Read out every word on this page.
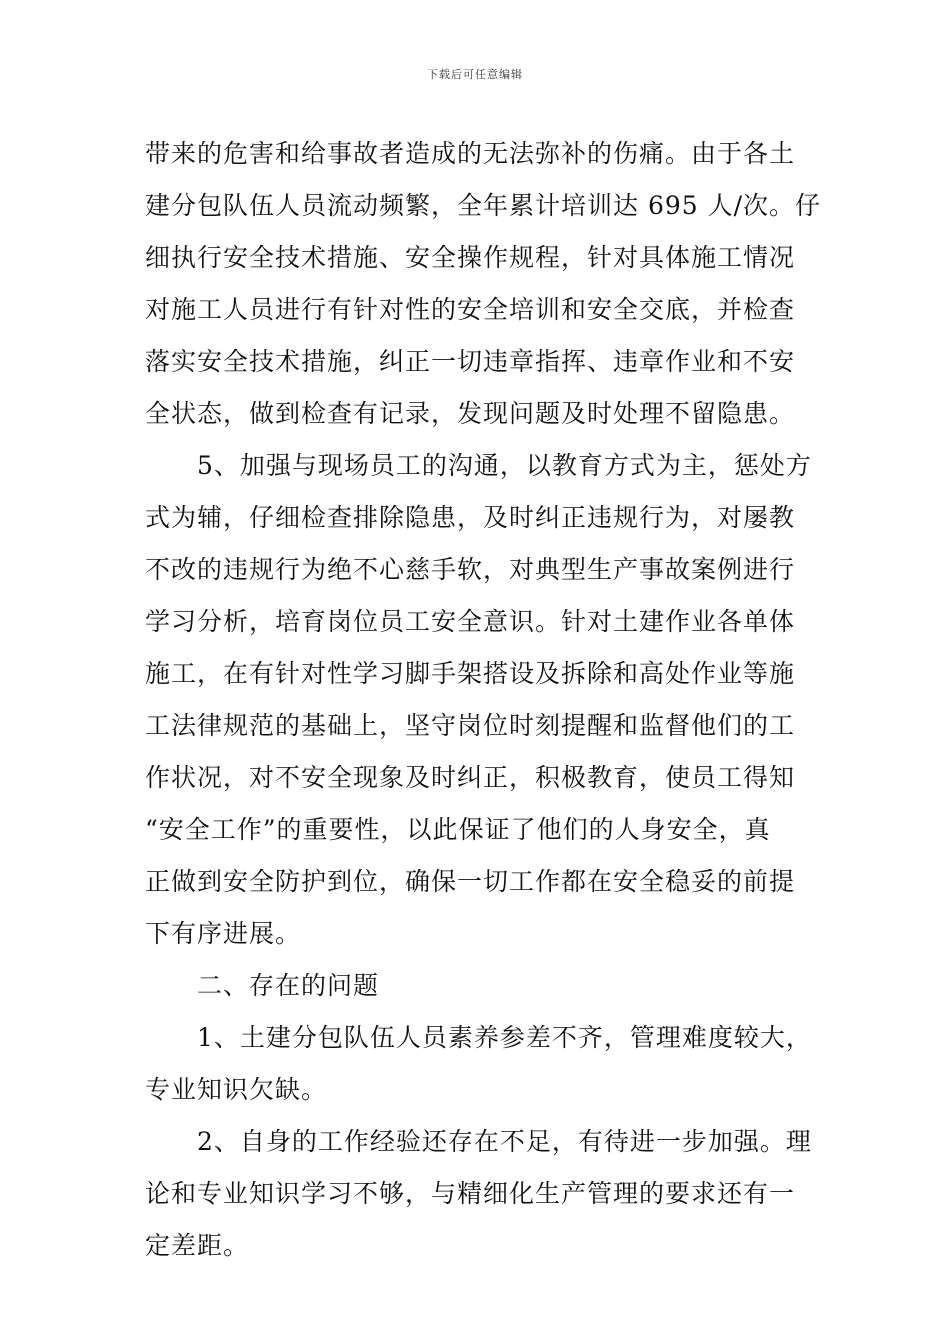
下载后可任意编辑
带来的危害和给事故者造成的无法弥补的伤痛。由于各土
建分包队伍人员流动频繁，全年累计培训达 695 人/次。仔
细执行安全技术措施、安全操作规程，针对具体施工情况
对施工人员进行有针对性的安全培训和安全交底，并检查
落实安全技术措施，纠正一切违章指挥、违章作业和不安
全状态，做到检查有记录，发现问题及时处理不留隐患。
5、加强与现场员工的沟通，以教育方式为主，惩处方
式为辅，仔细检查排除隐患，及时纠正违规行为，对屡教
不改的违规行为绝不心慈手软，对典型生产事故案例进行
学习分析，培育岗位员工安全意识。针对土建作业各单体
施工，在有针对性学习脚手架搭设及拆除和高处作业等施
工法律规范的基础上，坚守岗位时刻提醒和监督他们的工
作状况，对不安全现象及时纠正，积极教育，使员工得知
“安全工作”的重要性，以此保证了他们的人身安全，真
正做到安全防护到位，确保一切工作都在安全稳妥的前提
下有序进展。
二、存在的问题
1、土建分包队伍人员素养参差不齐，管理难度较大，
专业知识欠缺。
2、自身的工作经验还存在不足，有待进一步加强。理
论和专业知识学习不够，与精细化生产管理的要求还有一
定差距。
